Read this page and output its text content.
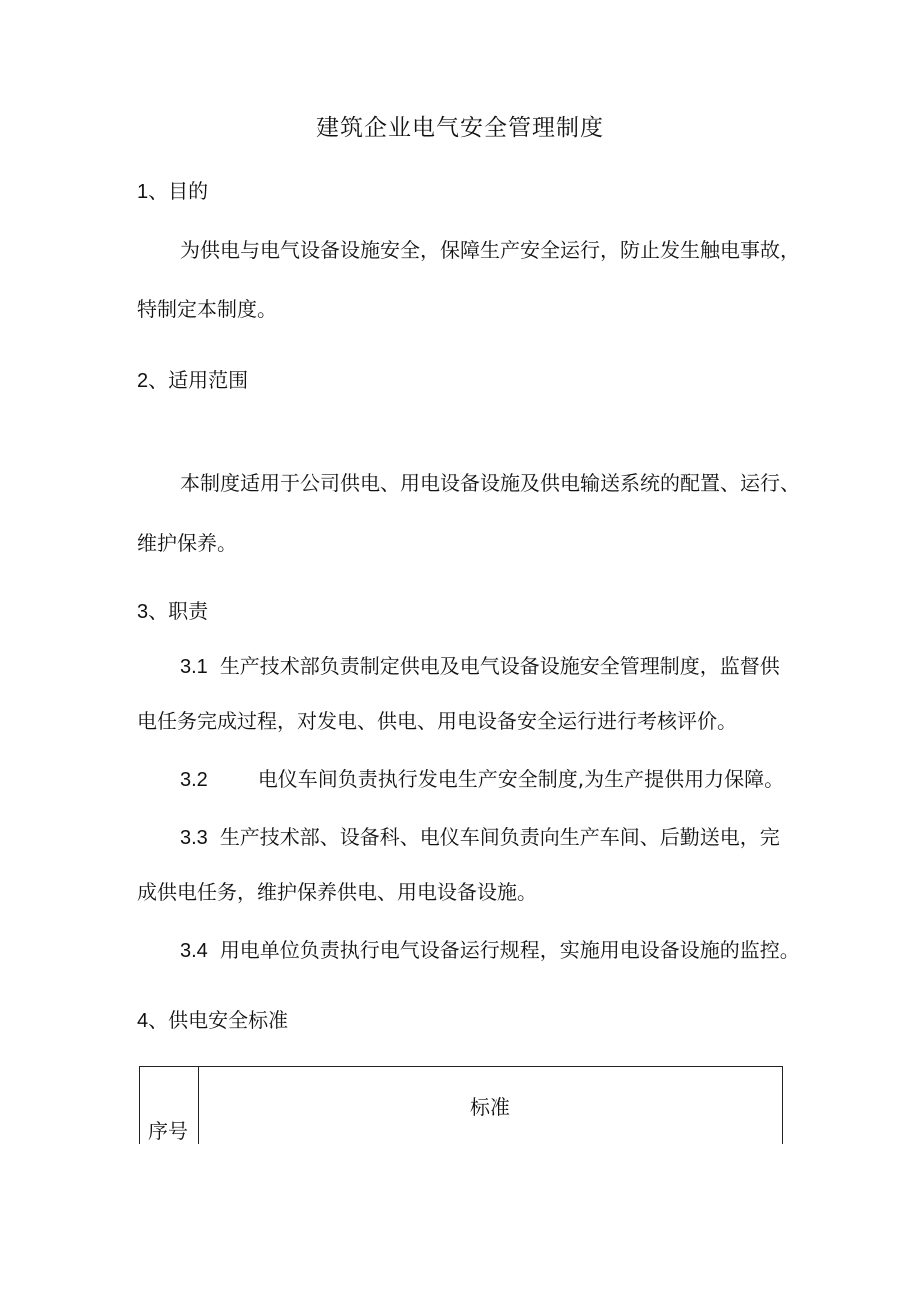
建筑企业电气安全管理制度
1、目的
为供电与电气设备设施安全，保障生产安全运行，防止发生触电事故，
特制定本制度。
2、适用范围
本制度适用于公司供电、用电设备设施及供电输送系统的配置、运行、
维护保养。
3、职责
3.1 生产技术部负责制定供电及电气设备设施安全管理制度，监督供
电任务完成过程，对发电、供电、用电设备安全运行进行考核评价。
3.2	电仪车间负责执行发电生产安全制度,为生产提供用力保障。
3.3 生产技术部、设备科、电仪车间负责向生产车间、后勤送电，完
成供电任务，维护保养供电、用电设备设施。
3.4 用电单位负责执行电气设备运行规程，实施用电设备设施的监控。
4、供电安全标准
标准
序号
